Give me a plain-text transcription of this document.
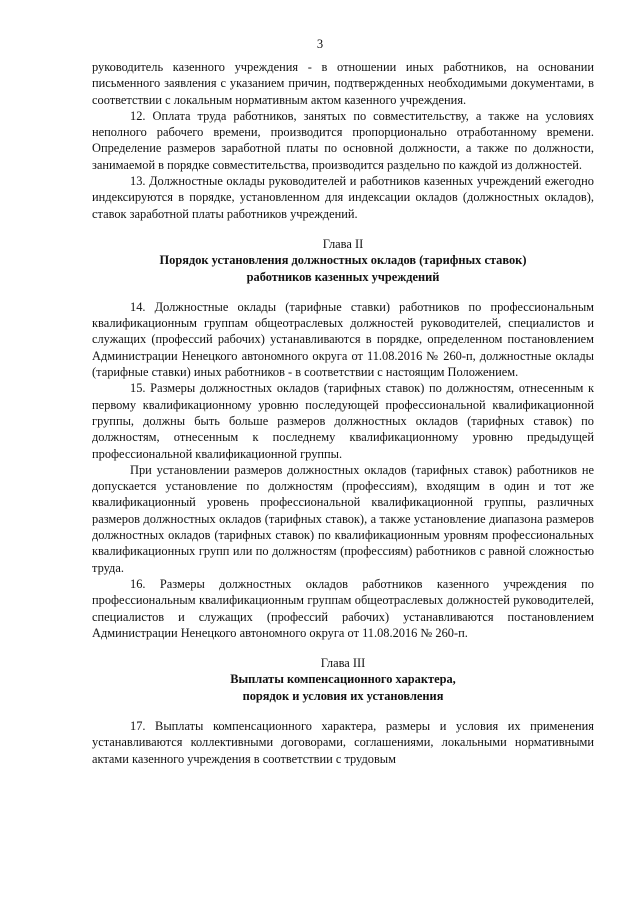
3

руководитель казенного учреждения - в отношении иных работников, на основании письменного заявления с указанием причин, подтвержденных необходимыми документами, в соответствии с локальным нормативным актом казенного учреждения.

12. Оплата труда работников, занятых по совместительству, а также на условиях неполного рабочего времени, производится пропорционально отработанному времени. Определение размеров заработной платы по основной должности, а также по должности, занимаемой в порядке совместительства, производится раздельно по каждой из должностей.

13. Должностные оклады руководителей и работников казенных учреждений ежегодно индексируются в порядке, установленном для индексации окладов (должностных окладов), ставок заработной платы работников учреждений.

Глава II

Порядок установления должностных окладов (тарифных ставок)

работников казенных учреждений

14. Должностные оклады (тарифные ставки) работников по профессиональным квалификационным группам общеотраслевых должностей руководителей, специалистов и служащих (профессий рабочих) устанавливаются в порядке, определенном постановлением Администрации Ненецкого автономного округа от 11.08.2016 № 260-п, должностные оклады (тарифные ставки) иных работников - в соответствии с настоящим Положением.

15. Размеры должностных окладов (тарифных ставок) по должностям, отнесенным к первому квалификационному уровню последующей профессиональной квалификационной группы, должны быть больше размеров должностных окладов (тарифных ставок) по должностям, отнесенным к последнему квалификационному уровню предыдущей профессиональной квалификационной группы.

При установлении размеров должностных окладов (тарифных ставок) работников не допускается установление по должностям (профессиям), входящим в один и тот же квалификационный уровень профессиональной квалификационной группы, различных размеров должностных окладов (тарифных ставок), а также установление диапазона размеров должностных окладов (тарифных ставок) по квалификационным уровням профессиональных квалификационных групп или по должностям (профессиям) работников с равной сложностью труда.

16. Размеры должностных окладов работников казенного учреждения по профессиональным квалификационным группам общеотраслевых должностей руководителей, специалистов и служащих (профессий рабочих) устанавливаются постановлением Администрации Ненецкого автономного округа от 11.08.2016 № 260-п.

Глава III

Выплаты компенсационного характера,

порядок и условия их установления

17. Выплаты компенсационного характера, размеры и условия их применения устанавливаются коллективными договорами, соглашениями, локальными нормативными актами казенного учреждения в соответствии с трудовым
